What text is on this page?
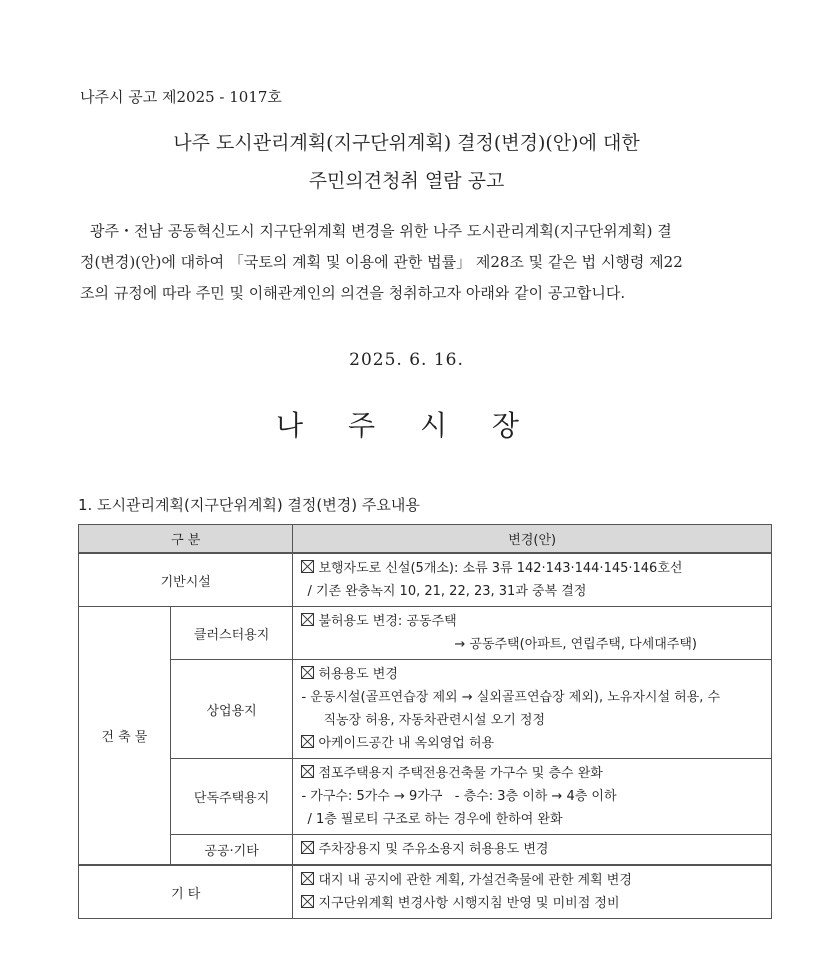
나주시 공고 제2025 - 1017호
나주 도시관리계획(지구단위계획) 결정(변경)(안)에 대한
주민의견청취 열람 공고
광주・전남 공동혁신도시 지구단위계획 변경을 위한 나주 도시관리계획(지구단위계획) 결
정(변경)(안)에 대하여 「국토의 계획 및 이용에 관한 법률」 제28조 및 같은 법 시행령 제22
조의 규정에 따라 주민 및 이해관계인의 의견을 청취하고자 아래와 같이 공고합니다.
2025. 6. 16.
나 주 시 장
1. 도시관리계획(지구단위계획) 결정(변경) 주요내용
구 분		변경(안)
기반시설		보행자도로 신설(5개소): 소류 3류 142·143·144·145·146호선
/ 기존 완충녹지 10, 21, 22, 23, 31과 중복 결정

건 축 물	클러스터용지	불허용도 변경: 공동주택
→ 공동주택(아파트, 연립주택, 다세대주택)

	상업용지	허용용도 변경
- 운동시설(골프연습장 제외 → 실외골프연습장 제외), 노유자시설 허용, 수
직농장 허용, 자동차관련시설 오기 정정
아케이드공간 내 옥외영업 허용

	단독주택용지	점포주택용지 주택전용건축물 가구수 및 층수 완화
- 가구수: 5가수 → 9가구   - 층수: 3층 이하 → 4층 이하
/ 1층 필로티 구조로 하는 경우에 한하여 완화

	공공·기타	주차장용지 및 주유소용지 허용용도 변경

기 타		대지 내 공지에 관한 계획, 가설건축물에 관한 계획 변경
지구단위계획 변경사항 시행지침 반영 및 미비점 정비
